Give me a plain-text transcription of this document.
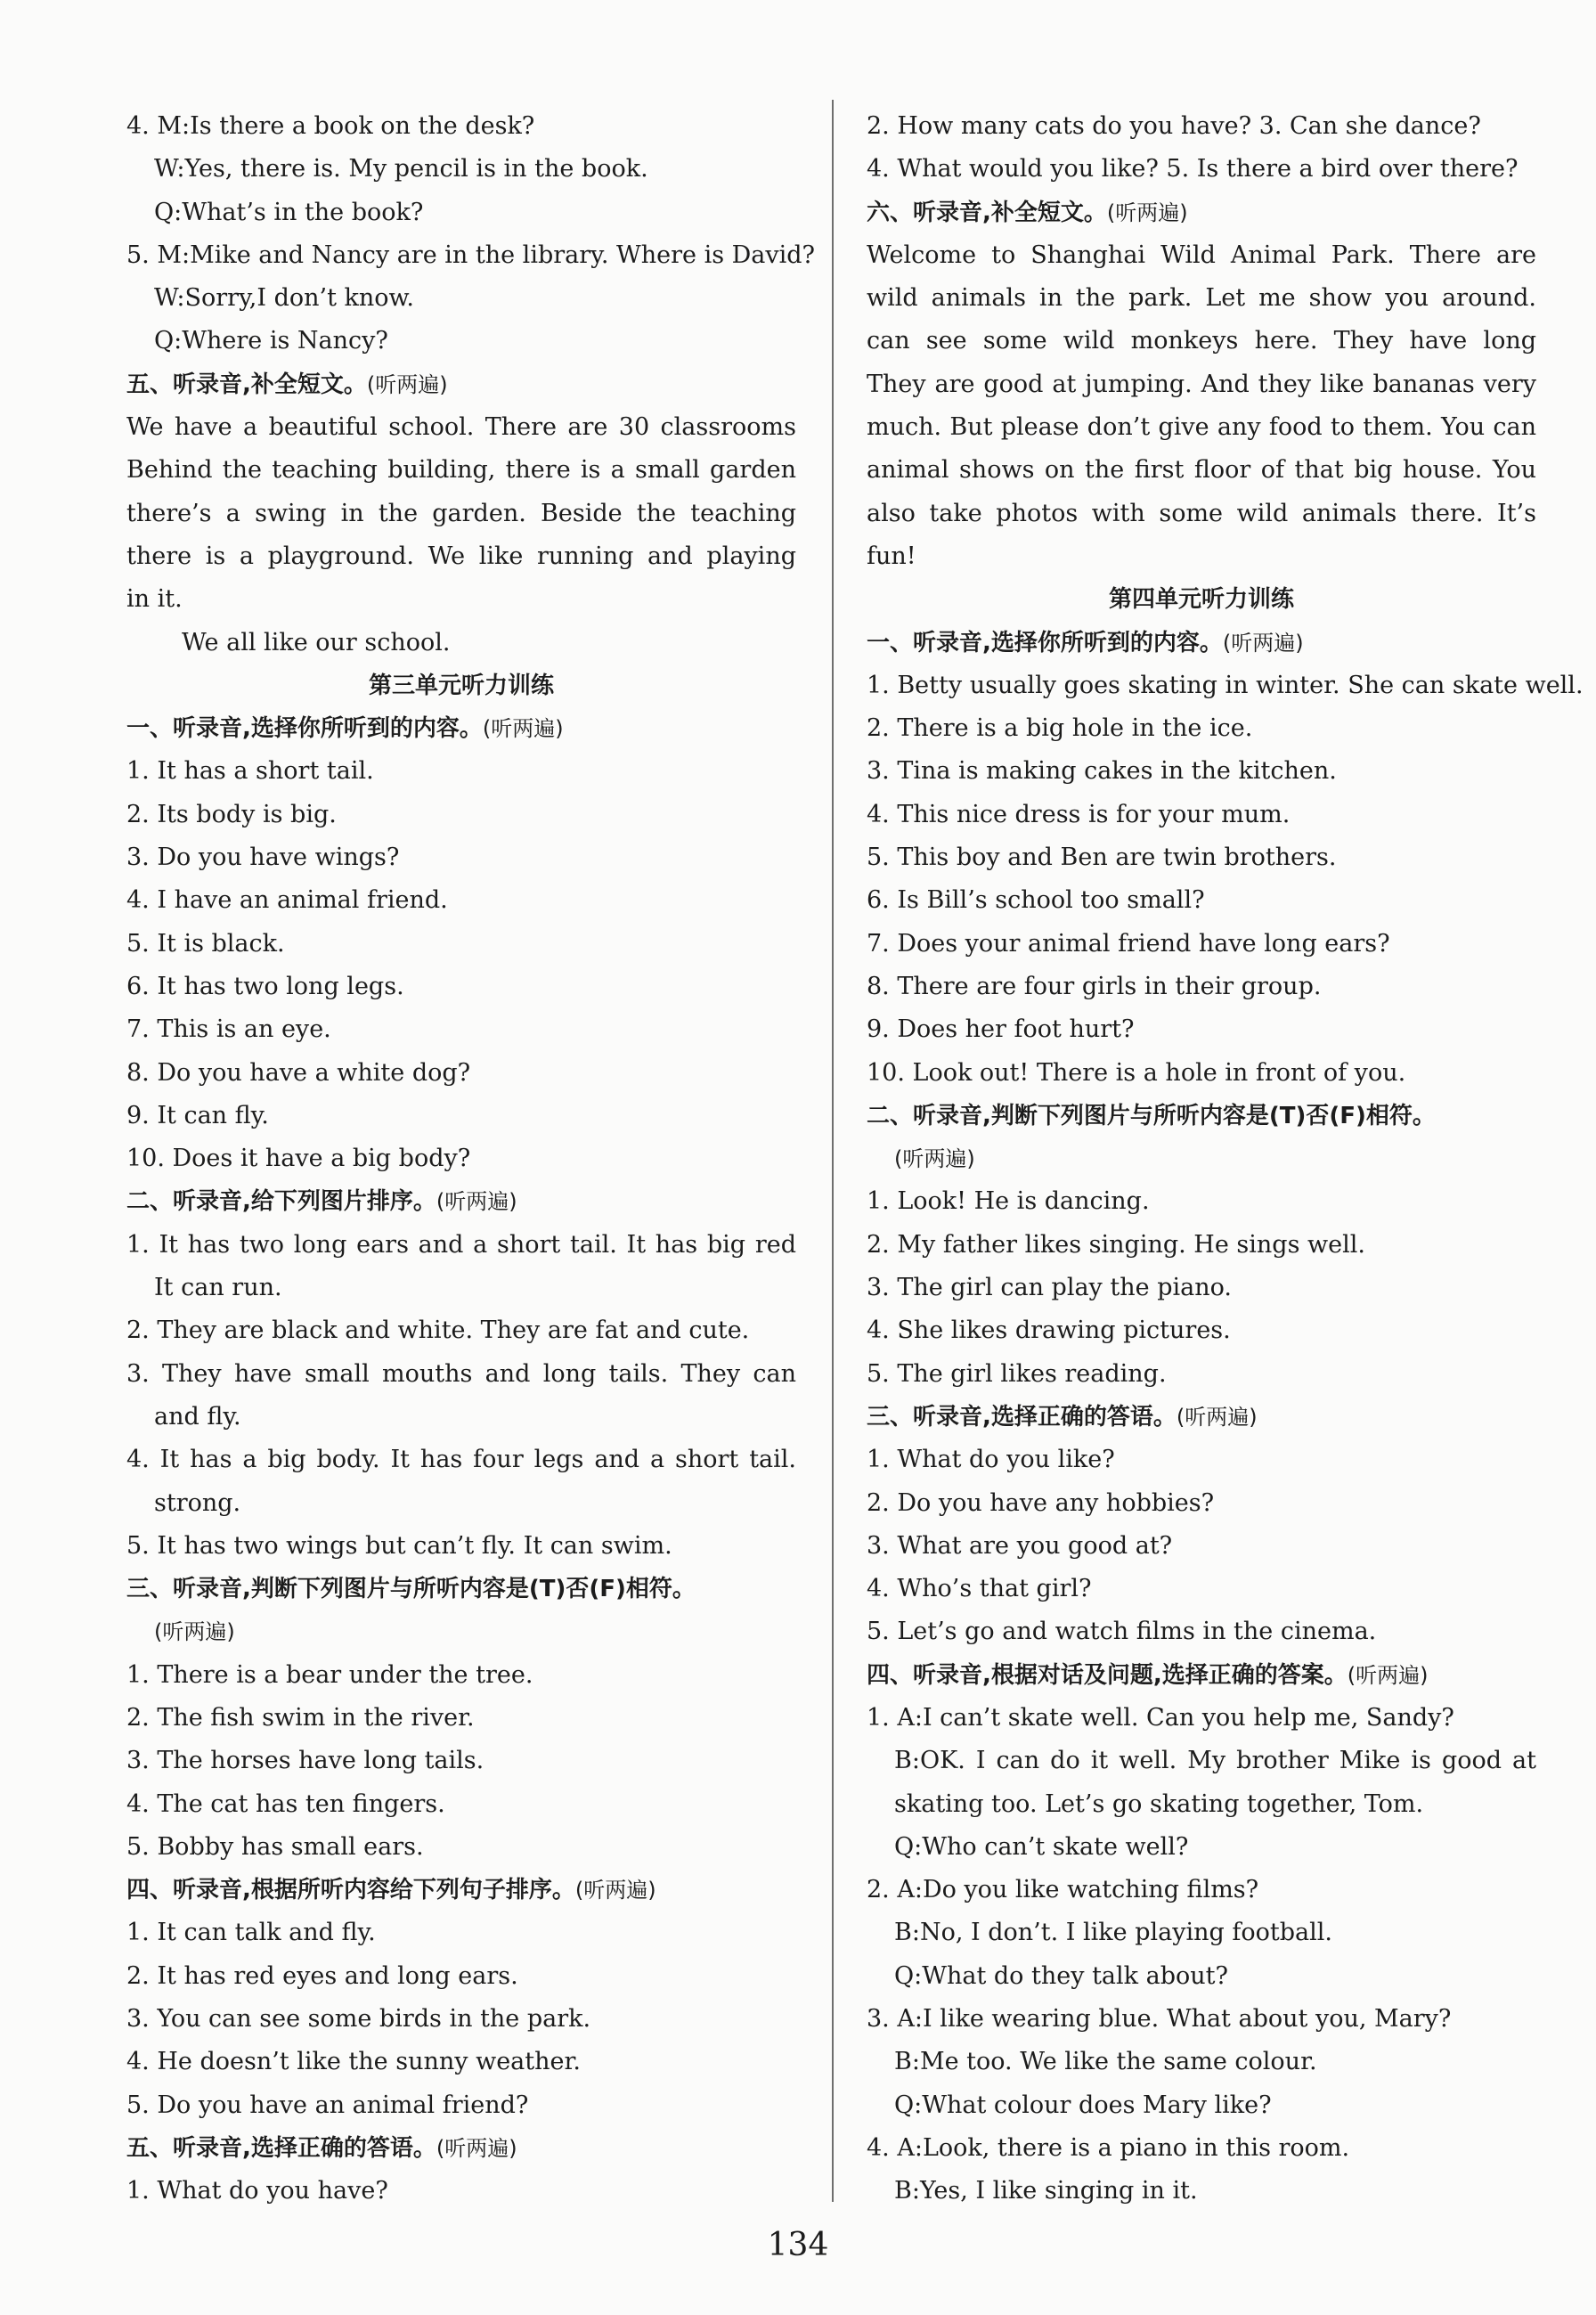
4. M:Is there a book on the desk?
W:Yes, there is. My pencil is in the book.
Q:What’s in the book?
5. M:Mike and Nancy are in the library. Where is David?
W:Sorry,I don’t know.
Q:Where is Nancy?
五、听录音,补全短文。(听两遍)
We have a beautiful school. There are 30 classrooms
Behind the teaching building, there is a small garden
there’s a swing in the garden. Beside the teaching
there is a playground. We like running and playing
in it.
We all like our school.
第三单元听力训练
一、听录音,选择你所听到的内容。(听两遍)
1. It has a short tail.
2. Its body is big.
3. Do you have wings?
4. I have an animal friend.
5. It is black.
6. It has two long legs.
7. This is an eye.
8. Do you have a white dog?
9. It can fly.
10. Does it have a big body?
二、听录音,给下列图片排序。(听两遍)
1. It has two long ears and a short tail. It has big red
It can run.
2. They are black and white. They are fat and cute.
3. They have small mouths and long tails. They can
and fly.
4. It has a big body. It has four legs and a short tail.
strong.
5. It has two wings but can’t fly. It can swim.
三、听录音,判断下列图片与所听内容是(T)否(F)相符。
(听两遍)
1. There is a bear under the tree.
2. The fish swim in the river.
3. The horses have long tails.
4. The cat has ten fingers.
5. Bobby has small ears.
四、听录音,根据所听内容给下列句子排序。(听两遍)
1. It can talk and fly.
2. It has red eyes and long ears.
3. You can see some birds in the park.
4. He doesn’t like the sunny weather.
5. Do you have an animal friend?
五、听录音,选择正确的答语。(听两遍)
1. What do you have?
2. How many cats do you have? 3. Can she dance?
4. What would you like? 5. Is there a bird over there?
六、听录音,补全短文。(听两遍)
Welcome to Shanghai Wild Animal Park. There are
wild animals in the park. Let me show you around.
can see some wild monkeys here. They have long
They are good at jumping. And they like bananas very
much. But please don’t give any food to them. You can
animal shows on the first floor of that big house. You
also take photos with some wild animals there. It’s
fun!
第四单元听力训练
一、听录音,选择你所听到的内容。(听两遍)
1. Betty usually goes skating in winter. She can skate well.
2. There is a big hole in the ice.
3. Tina is making cakes in the kitchen.
4. This nice dress is for your mum.
5. This boy and Ben are twin brothers.
6. Is Bill’s school too small?
7. Does your animal friend have long ears?
8. There are four girls in their group.
9. Does her foot hurt?
10. Look out! There is a hole in front of you.
二、听录音,判断下列图片与所听内容是(T)否(F)相符。
(听两遍)
1. Look! He is dancing.
2. My father likes singing. He sings well.
3. The girl can play the piano.
4. She likes drawing pictures.
5. The girl likes reading.
三、听录音,选择正确的答语。(听两遍)
1. What do you like?
2. Do you have any hobbies?
3. What are you good at?
4. Who’s that girl?
5. Let’s go and watch films in the cinema.
四、听录音,根据对话及问题,选择正确的答案。(听两遍)
1. A:I can’t skate well. Can you help me, Sandy?
B:OK. I can do it well. My brother Mike is good at
skating too. Let’s go skating together, Tom.
Q:Who can’t skate well?
2. A:Do you like watching films?
B:No, I don’t. I like playing football.
Q:What do they talk about?
3. A:I like wearing blue. What about you, Mary?
B:Me too. We like the same colour.
Q:What colour does Mary like?
4. A:Look, there is a piano in this room.
B:Yes, I like singing in it.
134
